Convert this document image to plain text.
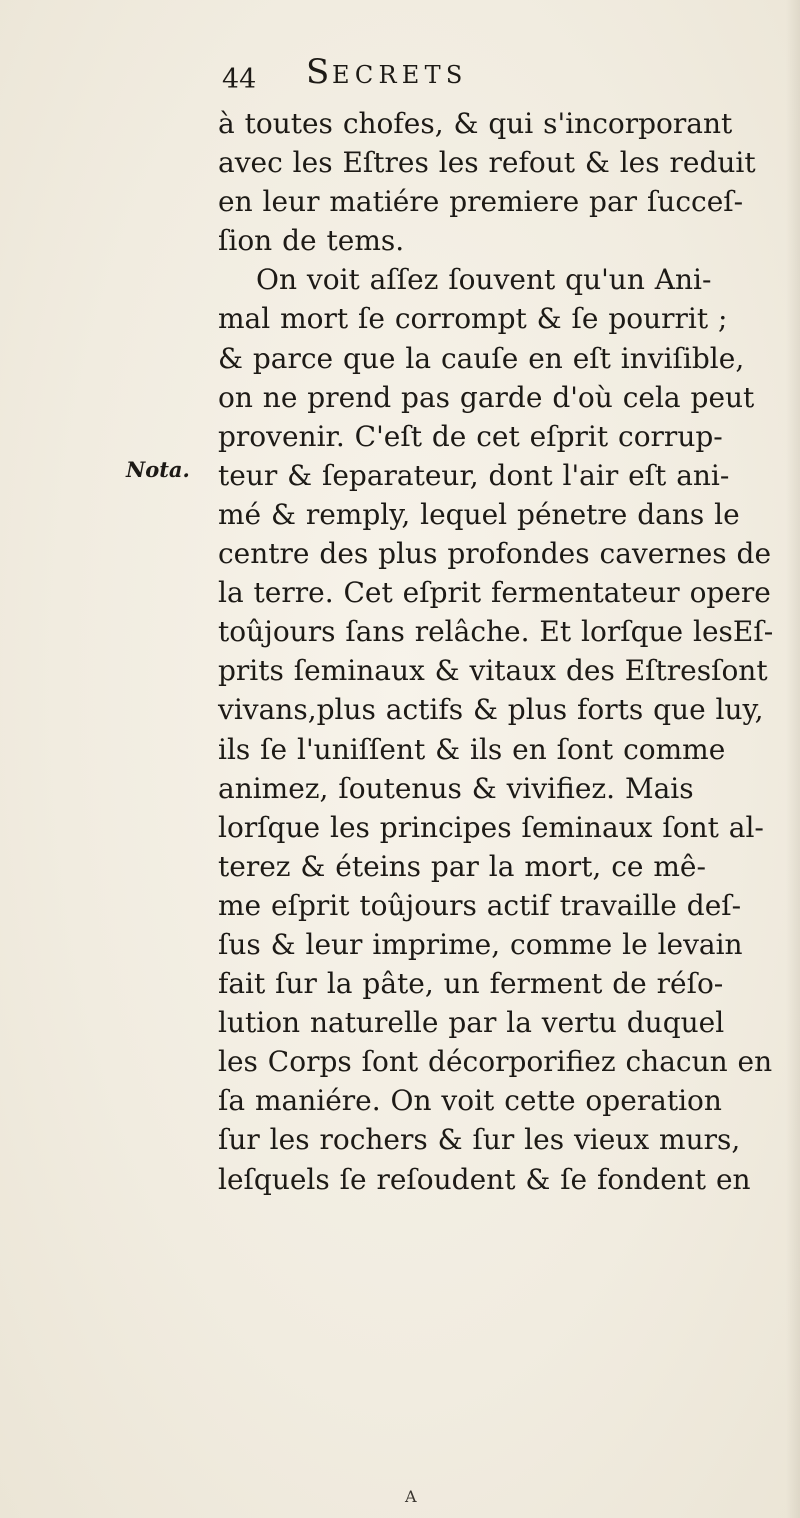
44 SECRETS
Nota.
à toutes chofes, & qui s'incorporant
avec les Eſtres les refout & les reduit
en leur matiére premiere par ſucceſ-
ſion de tems.
On voit aſſez ſouvent qu'un Ani-
mal mort ſe corrompt & ſe pourrit ;
& parce que la cauſe en eſt inviſible,
on ne prend pas garde d'où cela peut
provenir. C'eſt de cet eſprit corrup-
teur & ſeparateur, dont l'air eſt ani-
mé & remply, lequel pénetre dans le
centre des plus profondes cavernes de
la terre. Cet eſprit fermentateur opere
toûjours ſans relâche. Et lorſque lesEſ-
prits ſeminaux & vitaux des Eſtresſont
vivans,plus actifs & plus forts que luy,
ils ſe l'uniſſent & ils en ſont comme
animez, ſoutenus & vivifiez. Mais
lorſque les principes ſeminaux ſont al-
terez & éteins par la mort, ce mê-
me eſprit toûjours actif travaille deſ-
ſus & leur imprime, comme le levain
fait ſur la pâte, un ferment de réſo-
lution naturelle par la vertu duquel
les Corps ſont décorporifiez chacun en
ſa maniére. On voit cette operation
ſur les rochers & ſur les vieux murs,
leſquels ſe reſoudent & ſe fondent en
A
